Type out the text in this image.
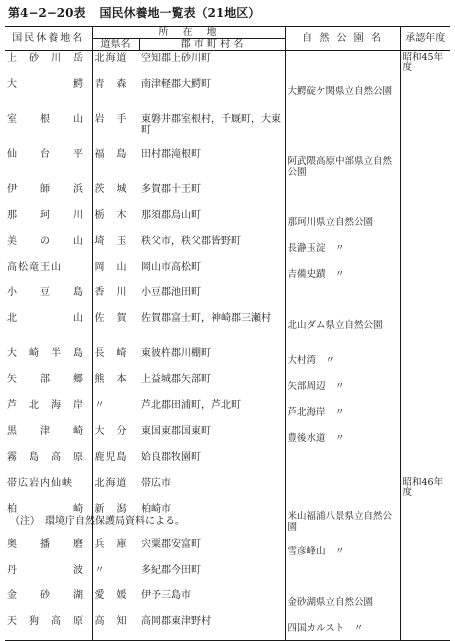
第4−2−20表 国民休養地一覧表（21地区）
国民休養地名	所　在　地		自 然 公 園 名	承認年度
	道県名	郡 市 町 村 名		
上　砂　川　岳	北海道	空知郡上砂川町		昭和45年度
大　　　　　鰐	青　森	南津軽郡大鰐町	大鰐碇ケ関県立自然公園	
室　　根　　山	岩　手	東磐井郡室根村，千厩町，大東町		
仙　　台　　平	福　島	田村郡滝根町	阿武隈高原中部県立自然公園	
伊　　師　　浜	茨　城	多賀郡十王町		
那　　珂　　川	栃　木	那須郡烏山町	那珂川県立自然公園	
美　　の　　山	埼　玉	秩父市，秩父郡皆野町	長瀞玉淀　〃	
高松竜王山	岡　山	岡山市高松町	吉備史蹟　〃	
小　　豆　　島	香　川	小豆郡池田町		
北　　　　　山	佐　賀	佐賀郡富士町，神崎郡三瀬村	北山ダム県立自然公園	
大　崎　半　島	長　崎	東彼杵郡川棚町	大村湾　〃	
矢　　部　　郷	熊　本	上益城郡矢部町	矢部周辺　〃	
芦　北　海　岸	〃	芦北郡田浦町，芦北町	芦北海岸　〃	
黒　　津　　崎	大　分	東国東郡国東町	豊後水道　〃	
霧　島　高　原	鹿児島	姶良郡牧園町		
帯広岩内仙峡	北海道	帯広市		昭和46年度
柏　　　　　崎	新　潟	柏崎市	米山福浦八景県立自然公園	
奥　　播　　磨	兵　庫	宍粟郡安富町	雪彦峰山　〃	
丹　　　　　波	〃	多紀郡今田町		
金　　砂　　湖	愛　媛	伊予三島市	金砂湖県立自然公園	
天　狗　高　原	高　知	高岡郡東津野村	四国カルスト　〃	
（注）　環境庁自然保護局資料による。
